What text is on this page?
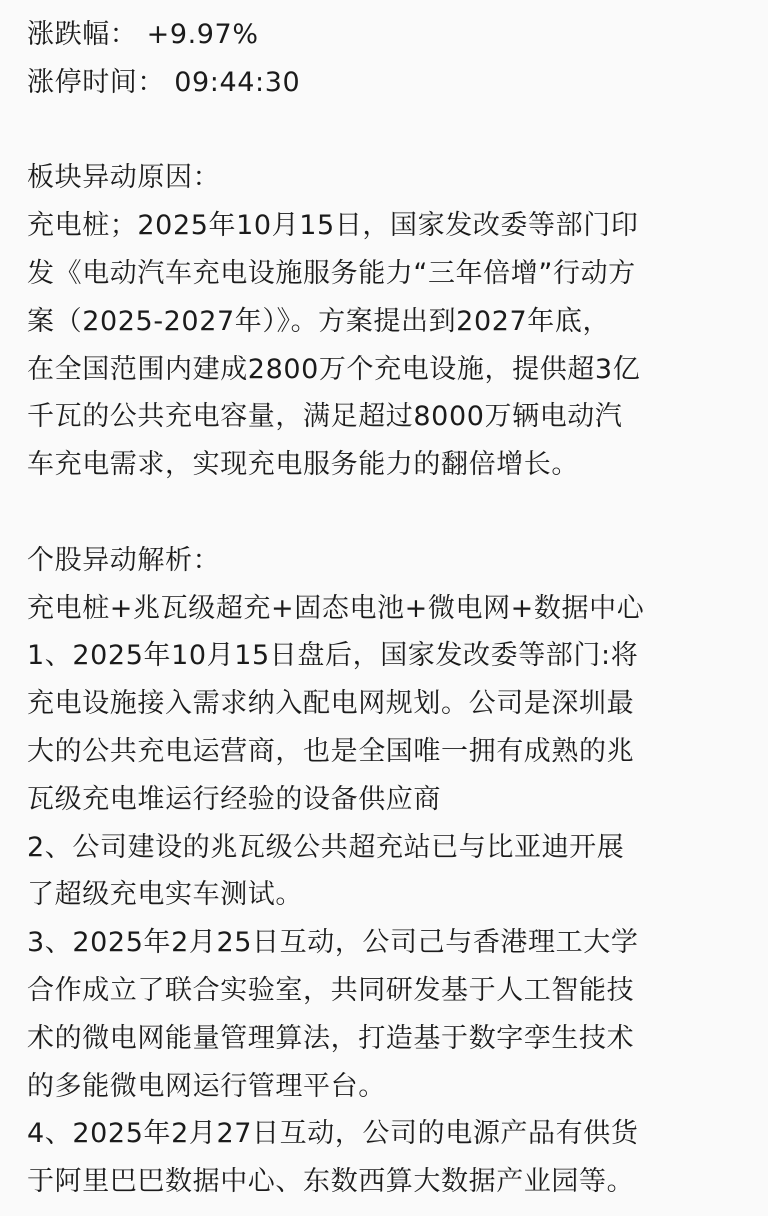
涨跌幅： +9.97%
涨停时间： 09:44:30
板块异动原因：
充电桩；2025年10月15日，国家发改委等部门印
发《电动汽车充电设施服务能力“三年倍增”行动方
案（2025-2027年）》。方案提出到2027年底，
在全国范围内建成2800万个充电设施，提供超3亿
千瓦的公共充电容量，满足超过8000万辆电动汽
车充电需求，实现充电服务能力的翻倍增长。
个股异动解析：
充电桩+兆瓦级超充+固态电池+微电网+数据中心
1、2025年10月15日盘后，国家发改委等部门:将
充电设施接入需求纳入配电网规划。公司是深圳最
大的公共充电运营商，也是全国唯一拥有成熟的兆
瓦级充电堆运行经验的设备供应商
2、公司建设的兆瓦级公共超充站已与比亚迪开展
了超级充电实车测试。
3、2025年2月25日互动，公司己与香港理工大学
合作成立了联合实验室，共同研发基于人工智能技
术的微电网能量管理算法，打造基于数字孪生技术
的多能微电网运行管理平台。
4、2025年2月27日互动，公司的电源产品有供货
于阿里巴巴数据中心、东数西算大数据产业园等。
